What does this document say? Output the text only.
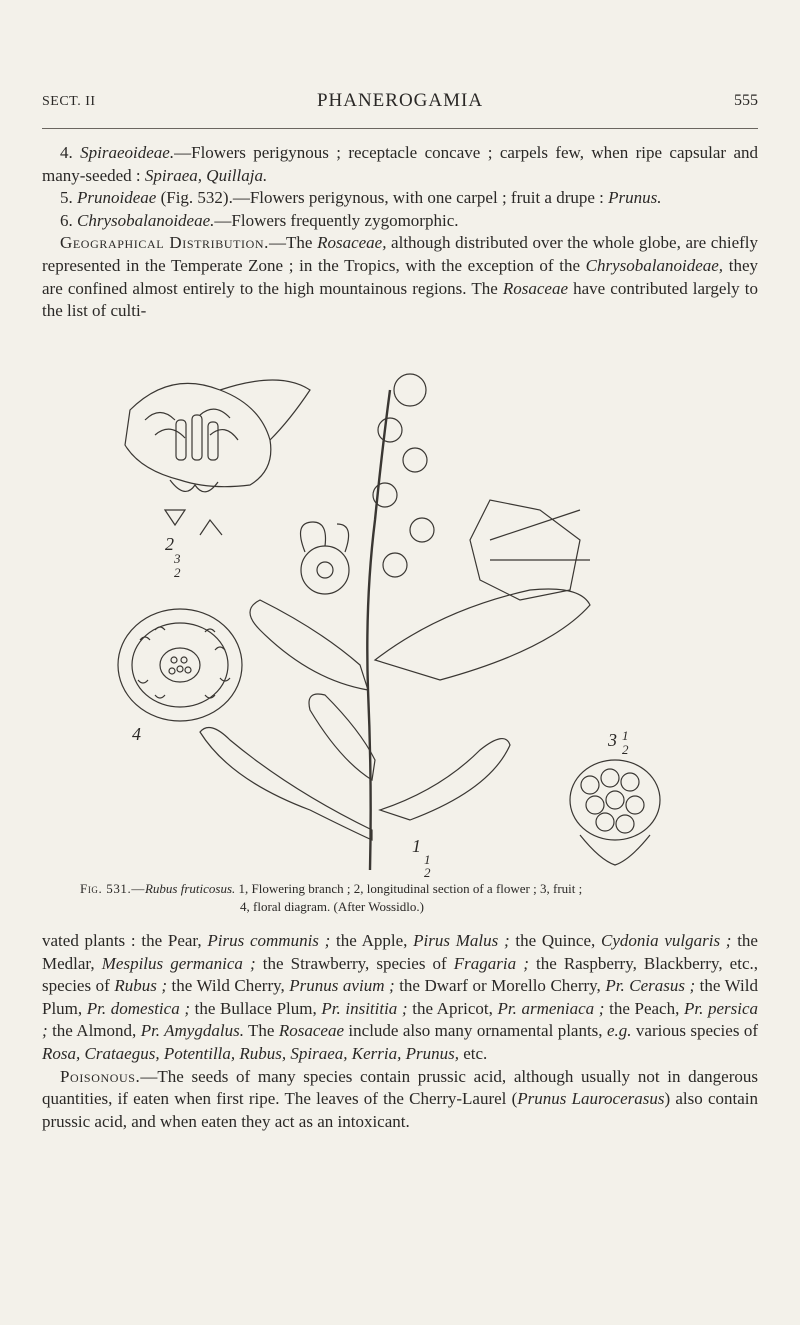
SECT. II	PHANEROGAMIA	555

4. Spiraeoideae.—Flowers perigynous ; receptacle concave ; carpels few, when ripe capsular and many-seeded : Spiraea, Quillaja.

5. Prunoideae (Fig. 532).—Flowers perigynous, with one carpel ; fruit a drupe : Prunus.

6. Chrysobalanoideae.—Flowers frequently zygomorphic.

Geographical Distribution.—The Rosaceae, although distributed over the whole globe, are chiefly represented in the Temperate Zone ; in the Tropics, with the exception of the Chrysobalanoideae, they are confined almost entirely to the high mountainous regions. The Rosaceae have contributed largely to the list of culti-

2
3
2
4
1
1
2
3 1
2
Fig. 531.—Rubus fruticosus. 1, Flowering branch ; 2, longitudinal section of a flower ; 3, fruit ;
4, floral diagram. (After Wossidlo.)

vated plants : the Pear, Pirus communis ; the Apple, Pirus Malus ; the Quince, Cydonia vulgaris ; the Medlar, Mespilus germanica ; the Strawberry, species of Fragaria ; the Raspberry, Blackberry, etc., species of Rubus ; the Wild Cherry, Prunus avium ; the Dwarf or Morello Cherry, Pr. Cerasus ; the Wild Plum, Pr. domestica ; the Bullace Plum, Pr. insititia ; the Apricot, Pr. armeniaca ; the Peach, Pr. persica ; the Almond, Pr. Amygdalus. The Rosaceae include also many ornamental plants, e.g. various species of Rosa, Crataegus, Potentilla, Rubus, Spiraea, Kerria, Prunus, etc.

Poisonous.—The seeds of many species contain prussic acid, although usually not in dangerous quantities, if eaten when first ripe. The leaves of the Cherry-Laurel (Prunus Laurocerasus) also contain prussic acid, and when eaten they act as an intoxicant.
